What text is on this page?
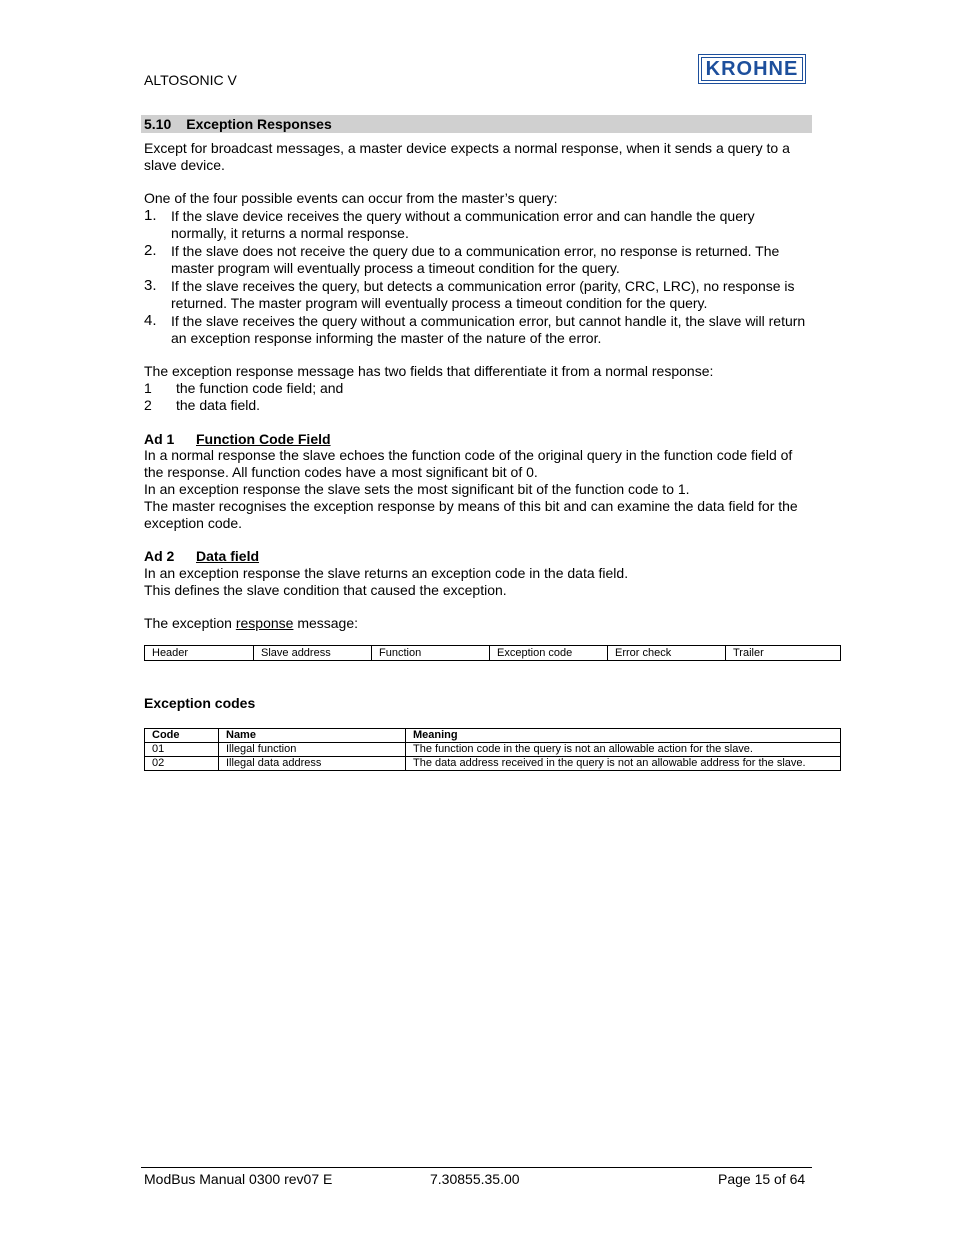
ALTOSONIC V
KROHNE
5.10 Exception Responses
Except for broadcast messages, a master device expects a normal response, when it sends a query to a slave device.
One of the four possible events can occur from the master’s query:
1. If the slave device receives the query without a communication error and can handle the query normally, it returns a normal response.
2. If the slave does not receive the query due to a communication error, no response is returned. The master program will eventually process a timeout condition for the query.
3. If the slave receives the query, but detects a communication error (parity, CRC, LRC), no response is returned. The master program will eventually process a timeout condition for the query.
4. If the slave receives the query without a communication error, but cannot handle it, the slave will return an exception response informing the master of the nature of the error.
The exception response message has two fields that differentiate it from a normal response:
1 the function code field; and
2 the data field.
Ad 1 Function Code Field
In a normal response the slave echoes the function code of the original query in the function code field of the response. All function codes have a most significant bit of 0.
In an exception response the slave sets the most significant bit of the function code to 1.
The master recognises the exception response by means of this bit and can examine the data field for the exception code.
Ad 2 Data field
In an exception response the slave returns an exception code in the data field.
This defines the slave condition that caused the exception.
The exception response message:
Header	Slave address	Function	Exception code	Error check	Trailer
Exception codes
Code	Name	Meaning
01	Illegal function	The function code in the query is not an allowable action for the slave.
02	Illegal data address	The data address received in the query is not an allowable address for the slave.
ModBus Manual 0300 rev07 E	7.30855.35.00	Page 15 of 64
